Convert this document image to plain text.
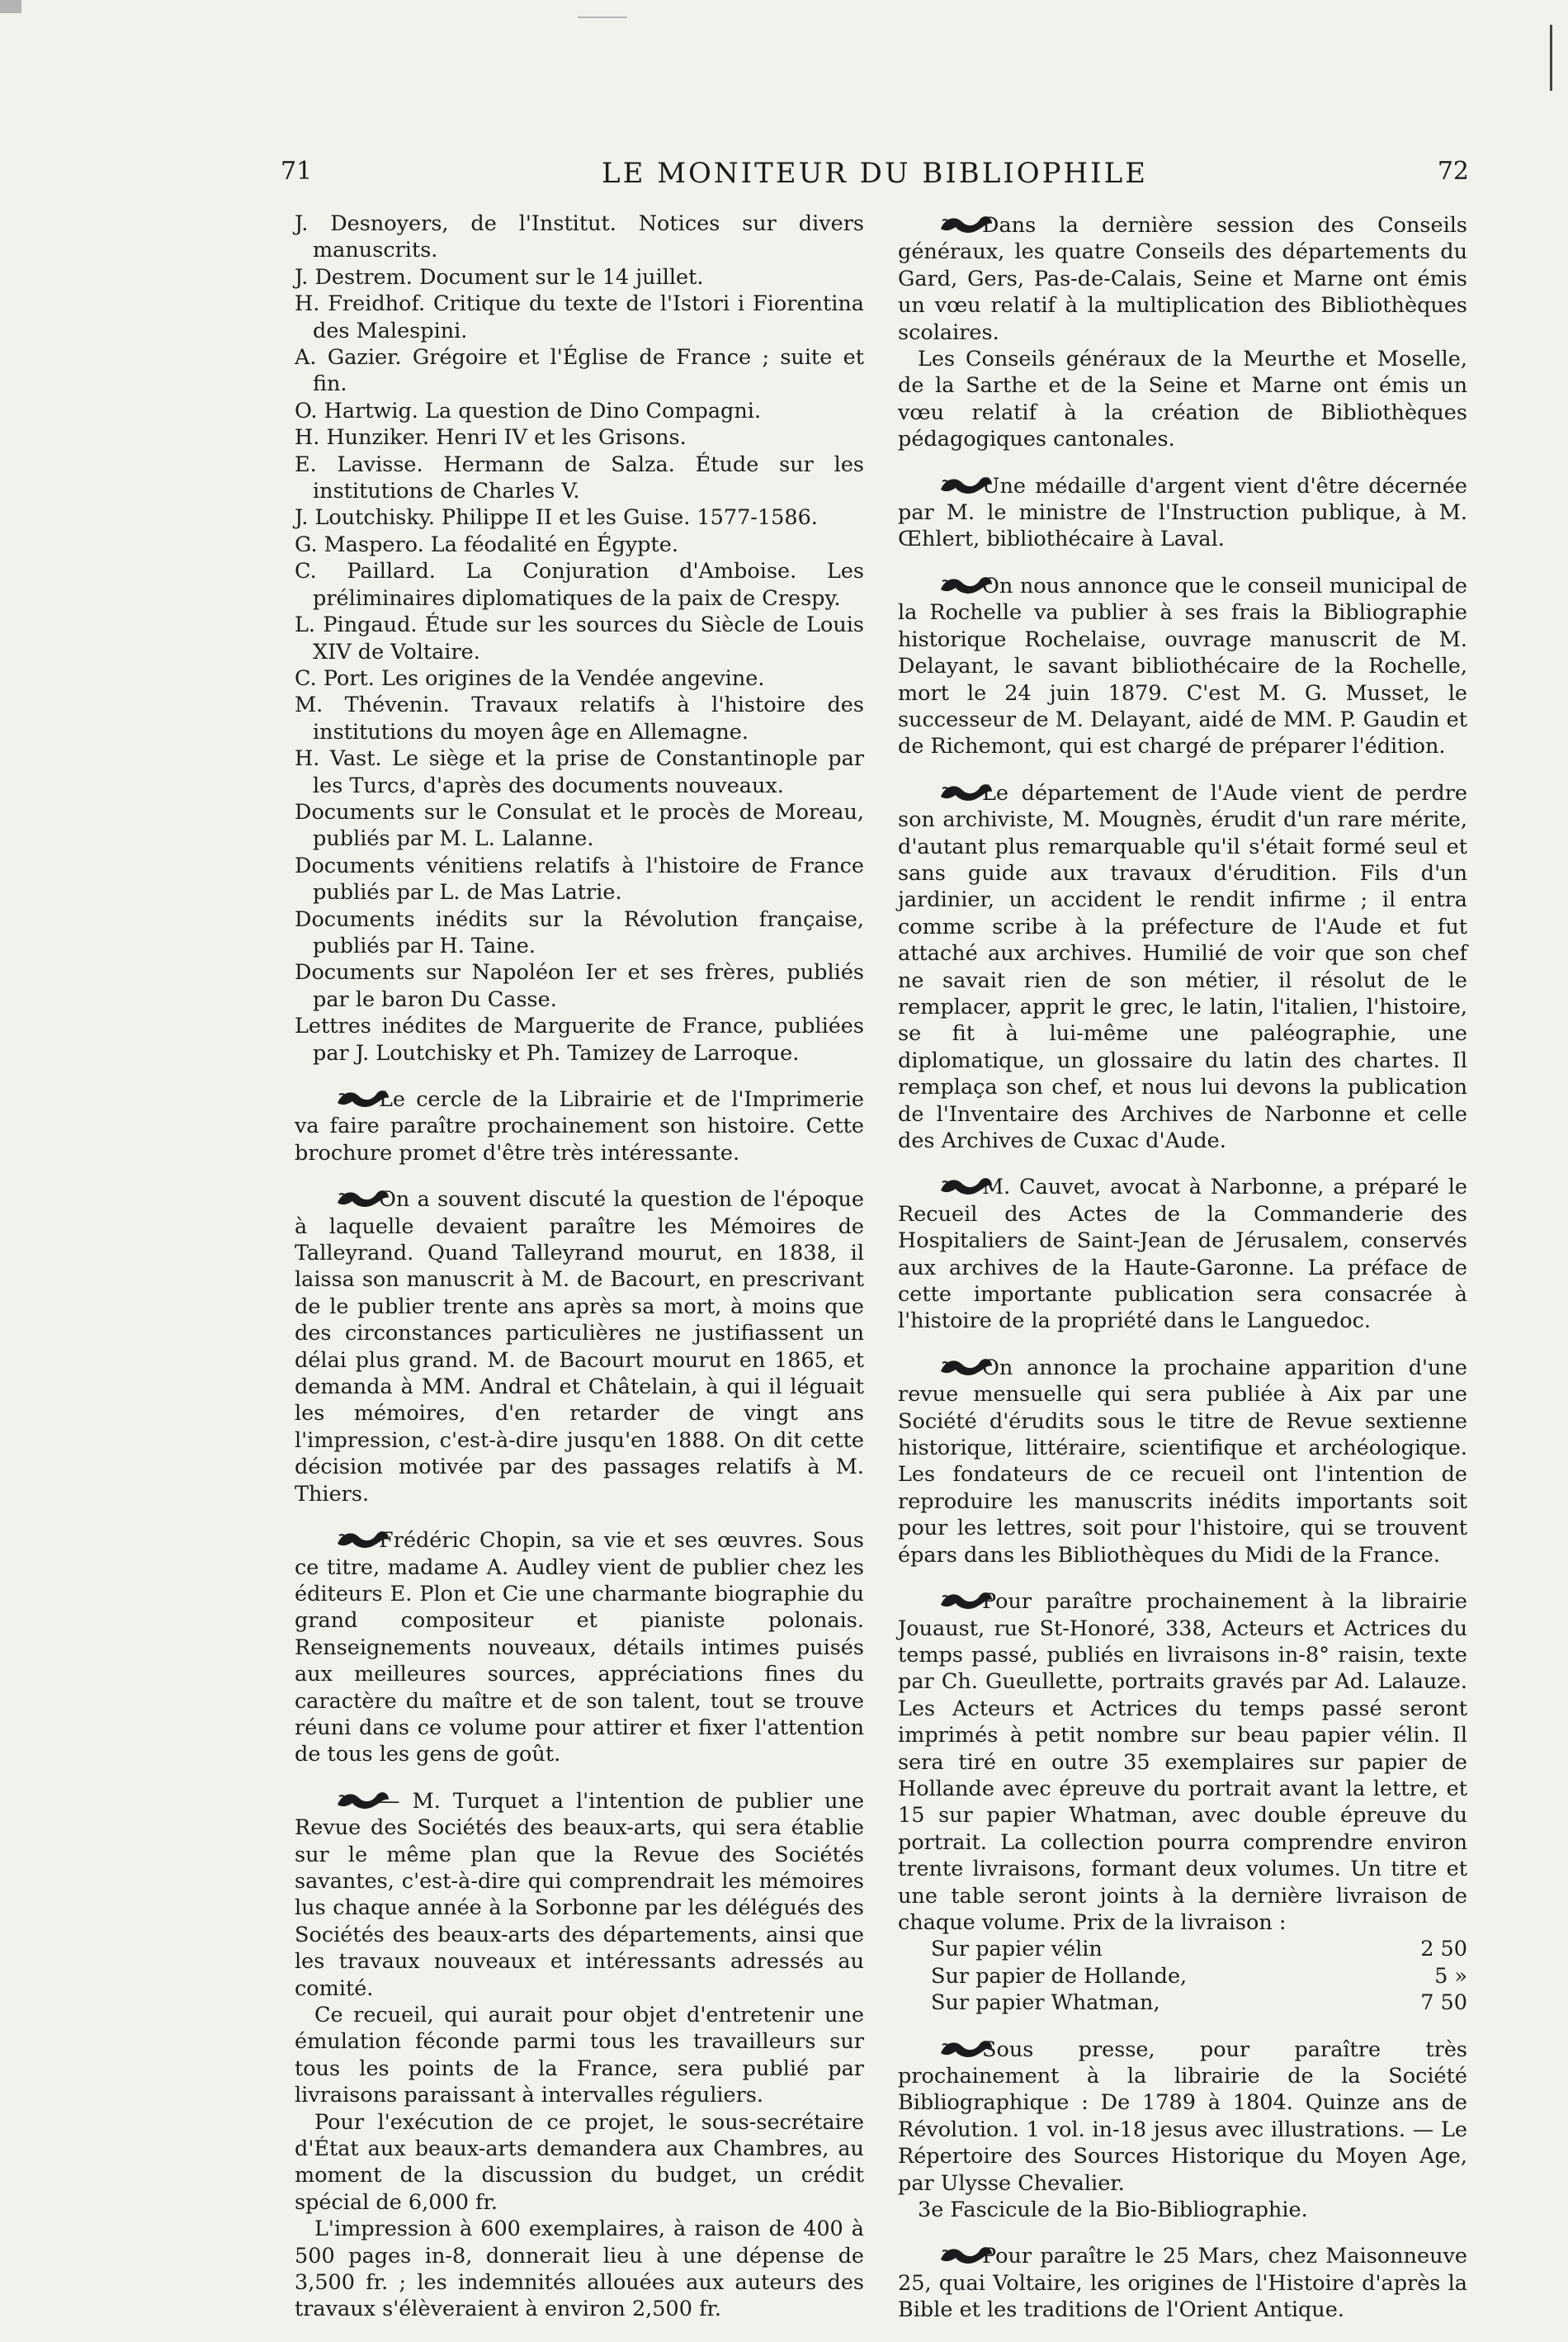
71	LE MONITEUR DU BIBLIOPHILE	72

J. Desnoyers, de l'Institut. Notices sur divers manuscrits.

J. Destrem. Document sur le 14 juillet.

H. Freidhof. Critique du texte de l'Istori i Fiorentina des Malespini.

A. Gazier. Grégoire et l'Église de France ; suite et fin.

O. Hartwig. La question de Dino Compagni.

H. Hunziker. Henri IV et les Grisons.

E. Lavisse. Hermann de Salza. Étude sur les institutions de Charles V.

J. Loutchisky. Philippe II et les Guise. 1577-1586.

G. Maspero. La féodalité en Égypte.

C. Paillard. La Conjuration d'Amboise. Les préliminaires diplomatiques de la paix de Crespy.

L. Pingaud. Étude sur les sources du Siècle de Louis XIV de Voltaire.

C. Port. Les origines de la Vendée angevine.

M. Thévenin. Travaux relatifs à l'histoire des institutions du moyen âge en Allemagne.

H. Vast. Le siège et la prise de Constantinople par les Turcs, d'après des documents nouveaux.

Documents sur le Consulat et le procès de Moreau, publiés par M. L. Lalanne.

Documents vénitiens relatifs à l'histoire de France publiés par L. de Mas Latrie.

Documents inédits sur la Révolution française, publiés par H. Taine.

Documents sur Napoléon Ier et ses frères, publiés par le baron Du Casse.

Lettres inédites de Marguerite de France, publiées par J. Loutchisky et Ph. Tamizey de Larroque.

Le cercle de la Librairie et de l'Imprimerie va faire paraître prochainement son histoire. Cette brochure promet d'être très intéressante.

On a souvent discuté la question de l'époque à laquelle devaient paraître les Mémoires de Talleyrand. Quand Talleyrand mourut, en 1838, il laissa son manuscrit à M. de Bacourt, en prescrivant de le publier trente ans après sa mort, à moins que des circonstances particulières ne justifiassent un délai plus grand. M. de Bacourt mourut en 1865, et demanda à MM. Andral et Châtelain, à qui il léguait les mémoires, d'en retarder de vingt ans l'impression, c'est-à-dire jusqu'en 1888. On dit cette décision motivée par des passages relatifs à M. Thiers.

Frédéric Chopin, sa vie et ses œuvres. Sous ce titre, madame A. Audley vient de publier chez les éditeurs E. Plon et Cie une charmante biographie du grand compositeur et pianiste polonais. Renseignements nouveaux, détails intimes puisés aux meilleures sources, appréciations fines du caractère du maître et de son talent, tout se trouve réuni dans ce volume pour attirer et fixer l'attention de tous les gens de goût.

— M. Turquet a l'intention de publier une Revue des Sociétés des beaux-arts, qui sera établie sur le même plan que la Revue des Sociétés savantes, c'est-à-dire qui comprendrait les mémoires lus chaque année à la Sorbonne par les délégués des Sociétés des beaux-arts des départements, ainsi que les travaux nouveaux et intéressants adressés au comité.

Ce recueil, qui aurait pour objet d'entretenir une émulation féconde parmi tous les travailleurs sur tous les points de la France, sera publié par livraisons paraissant à intervalles réguliers.

Pour l'exécution de ce projet, le sous-secrétaire d'État aux beaux-arts demandera aux Chambres, au moment de la discussion du budget, un crédit spécial de 6,000 fr.

L'impression à 600 exemplaires, à raison de 400 à 500 pages in-8, donnerait lieu à une dépense de 3,500 fr. ; les indemnités allouées aux auteurs des travaux s'élèveraient à environ 2,500 fr.

Dans la dernière session des Conseils généraux, les quatre Conseils des départements du Gard, Gers, Pas-de-Calais, Seine et Marne ont émis un vœu relatif à la multiplication des Bibliothèques scolaires.

Les Conseils généraux de la Meurthe et Moselle, de la Sarthe et de la Seine et Marne ont émis un vœu relatif à la création de Bibliothèques pédagogiques cantonales.

Une médaille d'argent vient d'être décernée par M. le ministre de l'Instruction publique, à M. Œhlert, bibliothécaire à Laval.

On nous annonce que le conseil municipal de la Rochelle va publier à ses frais la Bibliographie historique Rochelaise, ouvrage manuscrit de M. Delayant, le savant bibliothécaire de la Rochelle, mort le 24 juin 1879. C'est M. G. Musset, le successeur de M. Delayant, aidé de MM. P. Gaudin et de Richemont, qui est chargé de préparer l'édition.

Le département de l'Aude vient de perdre son archiviste, M. Mougnès, érudit d'un rare mérite, d'autant plus remarquable qu'il s'était formé seul et sans guide aux travaux d'érudition. Fils d'un jardinier, un accident le rendit infirme ; il entra comme scribe à la préfecture de l'Aude et fut attaché aux archives. Humilié de voir que son chef ne savait rien de son métier, il résolut de le remplacer, apprit le grec, le latin, l'italien, l'histoire, se fit à lui-même une paléographie, une diplomatique, un glossaire du latin des chartes. Il remplaça son chef, et nous lui devons la publication de l'Inventaire des Archives de Narbonne et celle des Archives de Cuxac d'Aude.

M. Cauvet, avocat à Narbonne, a préparé le Recueil des Actes de la Commanderie des Hospitaliers de Saint-Jean de Jérusalem, conservés aux archives de la Haute-Garonne. La préface de cette importante publication sera consacrée à l'histoire de la propriété dans le Languedoc.

On annonce la prochaine apparition d'une revue mensuelle qui sera publiée à Aix par une Société d'érudits sous le titre de Revue sextienne historique, littéraire, scientifique et archéologique. Les fondateurs de ce recueil ont l'intention de reproduire les manuscrits inédits importants soit pour les lettres, soit pour l'histoire, qui se trouvent épars dans les Bibliothèques du Midi de la France.

Pour paraître prochainement à la librairie Jouaust, rue St-Honoré, 338, Acteurs et Actrices du temps passé, publiés en livraisons in-8° raisin, texte par Ch. Gueullette, portraits gravés par Ad. Lalauze. Les Acteurs et Actrices du temps passé seront imprimés à petit nombre sur beau papier vélin. Il sera tiré en outre 35 exemplaires sur papier de Hollande avec épreuve du portrait avant la lettre, et 15 sur papier Whatman, avec double épreuve du portrait. La collection pourra comprendre environ trente livraisons, formant deux volumes. Un titre et une table seront joints à la dernière livraison de chaque volume. Prix de la livraison :

Sur papier vélin	2 50
Sur papier de Hollande,	5 »
Sur papier Whatman,	7 50

Sous presse, pour paraître très prochainement à la librairie de la Société Bibliographique : De 1789 à 1804. Quinze ans de Révolution. 1 vol. in-18 jesus avec illustrations. — Le Répertoire des Sources Historique du Moyen Age, par Ulysse Chevalier.

3e Fascicule de la Bio-Bibliographie.

Pour paraître le 25 Mars, chez Maisonneuve 25, quai Voltaire, les origines de l'Histoire d'après la Bible et les traditions de l'Orient Antique.
